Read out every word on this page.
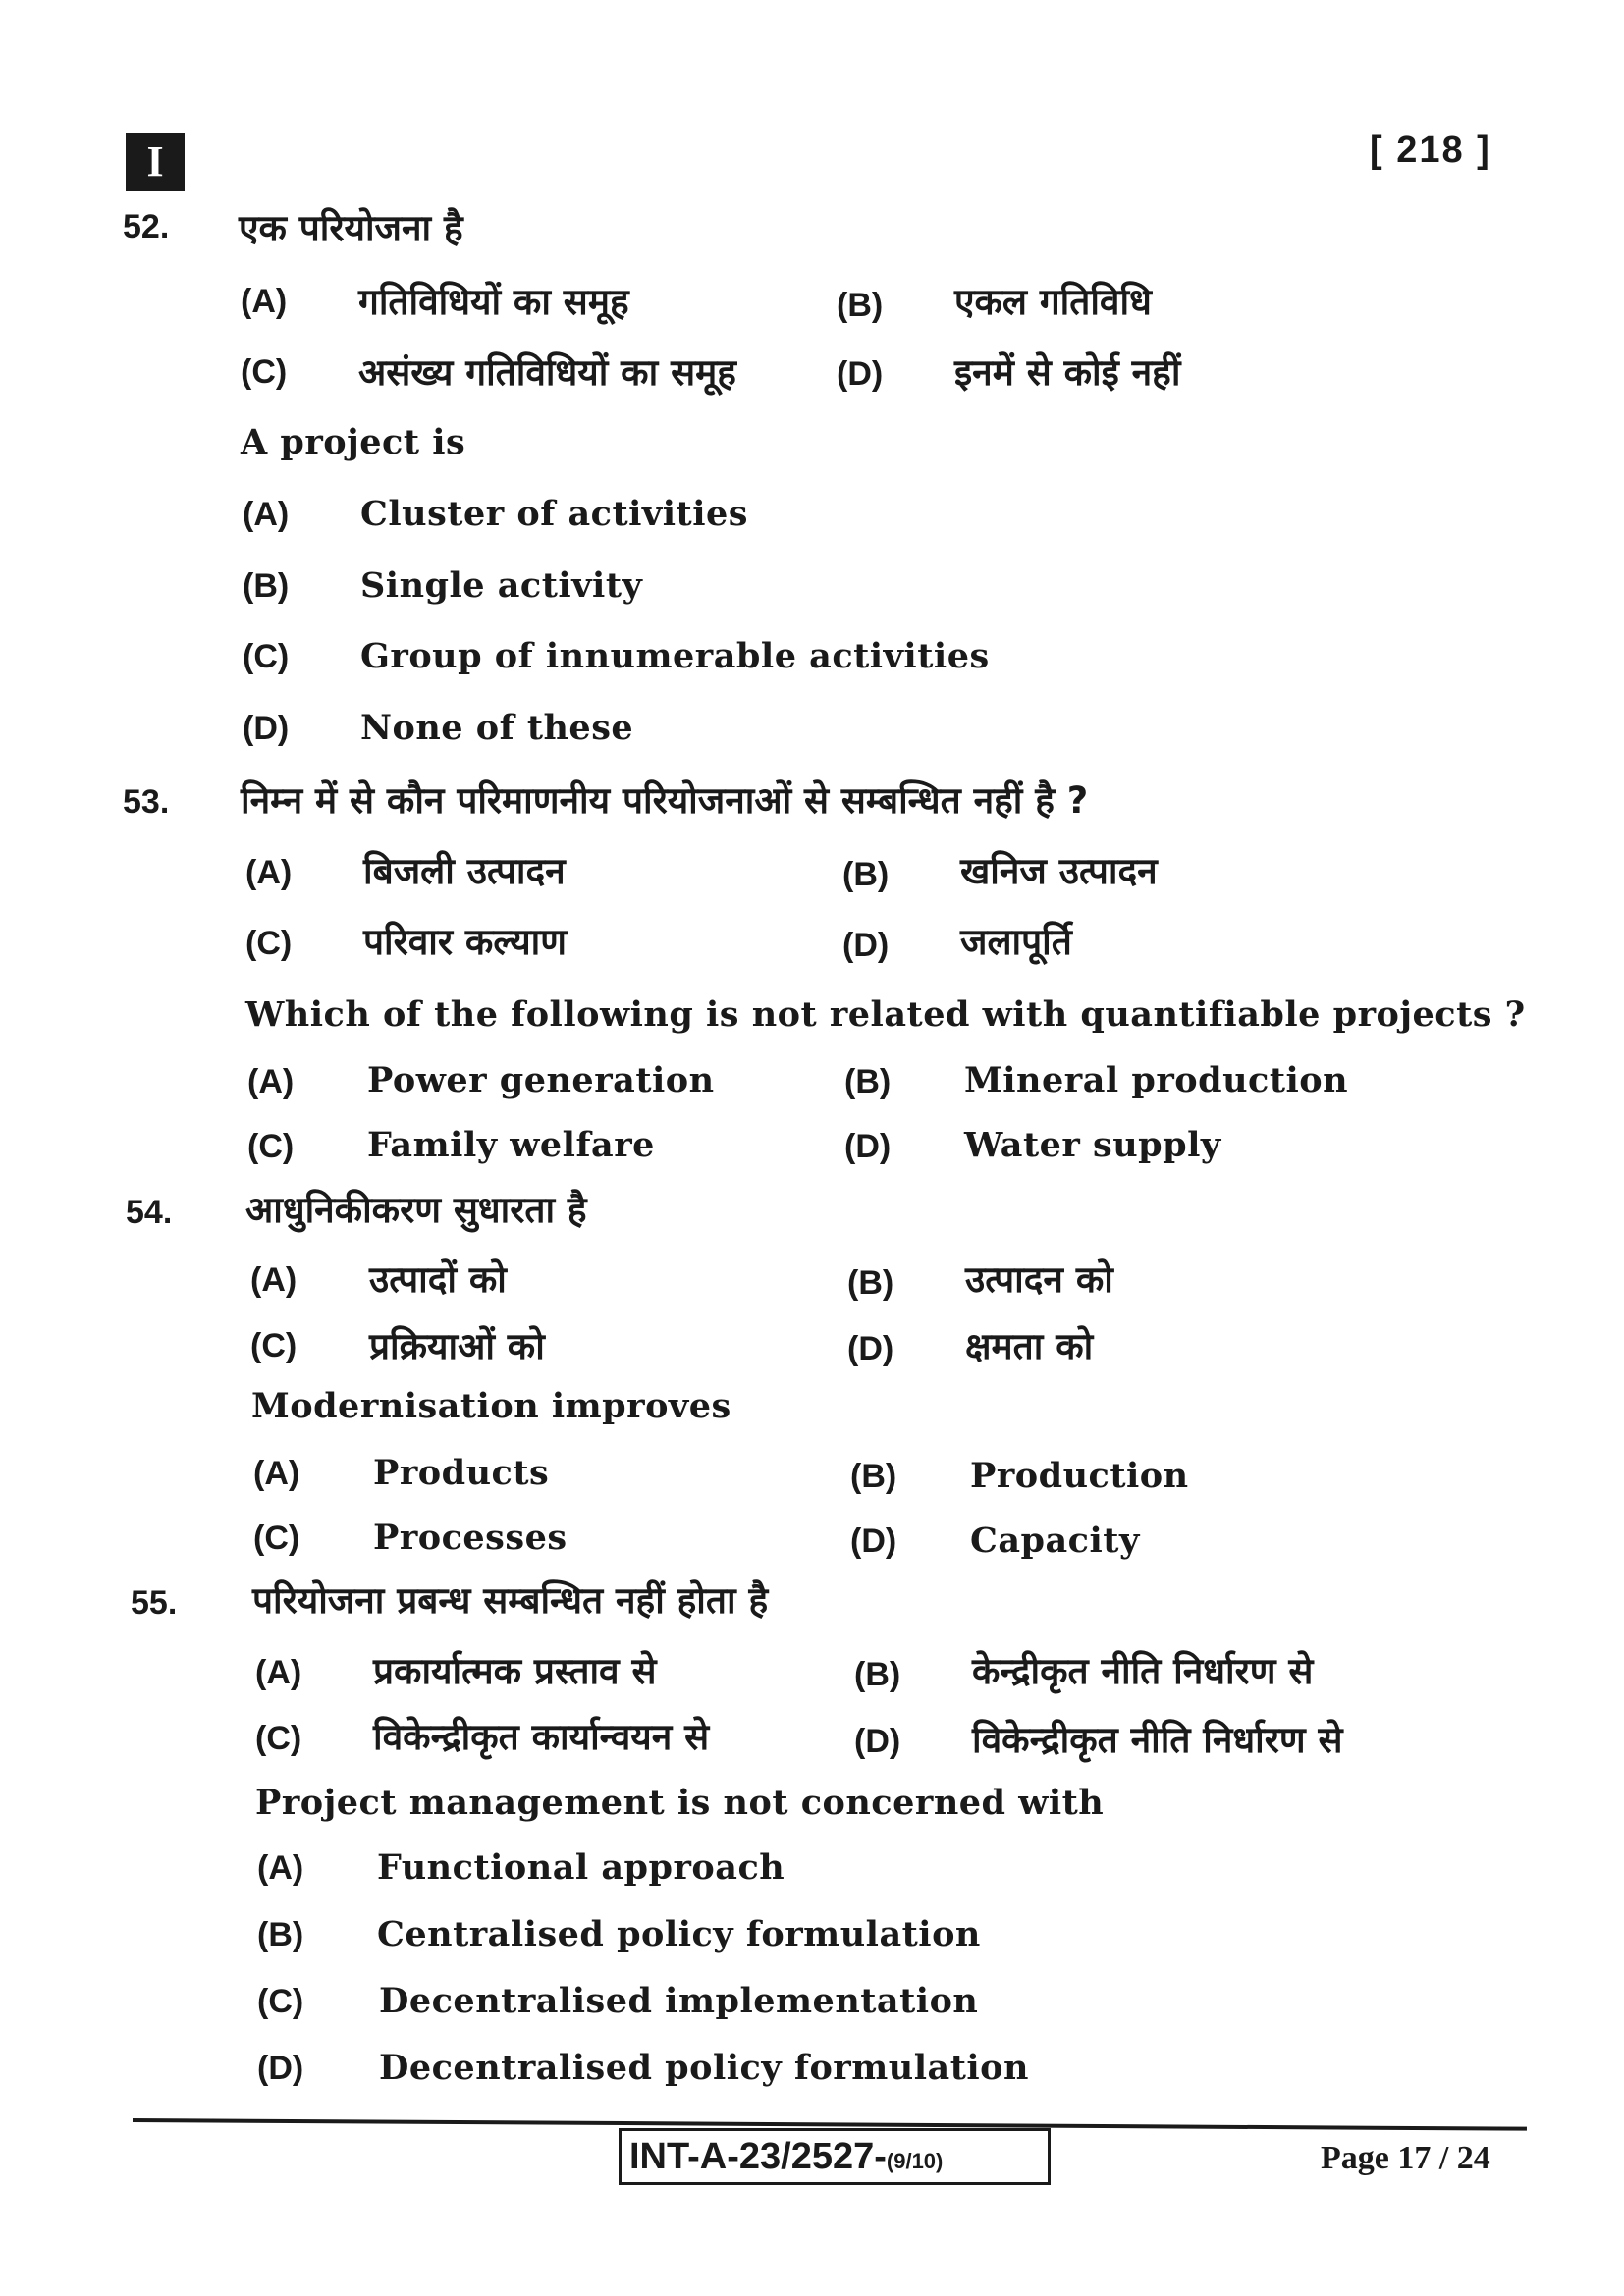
I	[ 218 ]
52. एक परियोजना है
(A) गतिविधियों का समूह	(B) एकल गतिविधि
(C) असंख्य गतिविधियों का समूह	(D) इनमें से कोई नहीं
A project is
(A) Cluster of activities
(B) Single activity
(C) Group of innumerable activities
(D) None of these
53. निम्न में से कौन परिमाणनीय परियोजनाओं से सम्बन्धित नहीं है ?
(A) बिजली उत्पादन	(B) खनिज उत्पादन
(C) परिवार कल्याण	(D) जलापूर्ति
Which of the following is not related with quantifiable projects ?
(A) Power generation	(B) Mineral production
(C) Family welfare	(D) Water supply
54. आधुनिकीकरण सुधारता है
(A) उत्पादों को	(B) उत्पादन को
(C) प्रक्रियाओं को	(D) क्षमता को
Modernisation improves
(A) Products	(B) Production
(C) Processes	(D) Capacity
55. परियोजना प्रबन्ध सम्बन्धित नहीं होता है
(A) प्रकार्यात्मक प्रस्ताव से	(B) केन्द्रीकृत नीति निर्धारण से
(C) विकेन्द्रीकृत कार्यान्वयन से	(D) विकेन्द्रीकृत नीति निर्धारण से
Project management is not concerned with
(A) Functional approach
(B) Centralised policy formulation
(C) Decentralised implementation
(D) Decentralised policy formulation
INT-A-23/2527-(9/10)	Page 17 / 24
